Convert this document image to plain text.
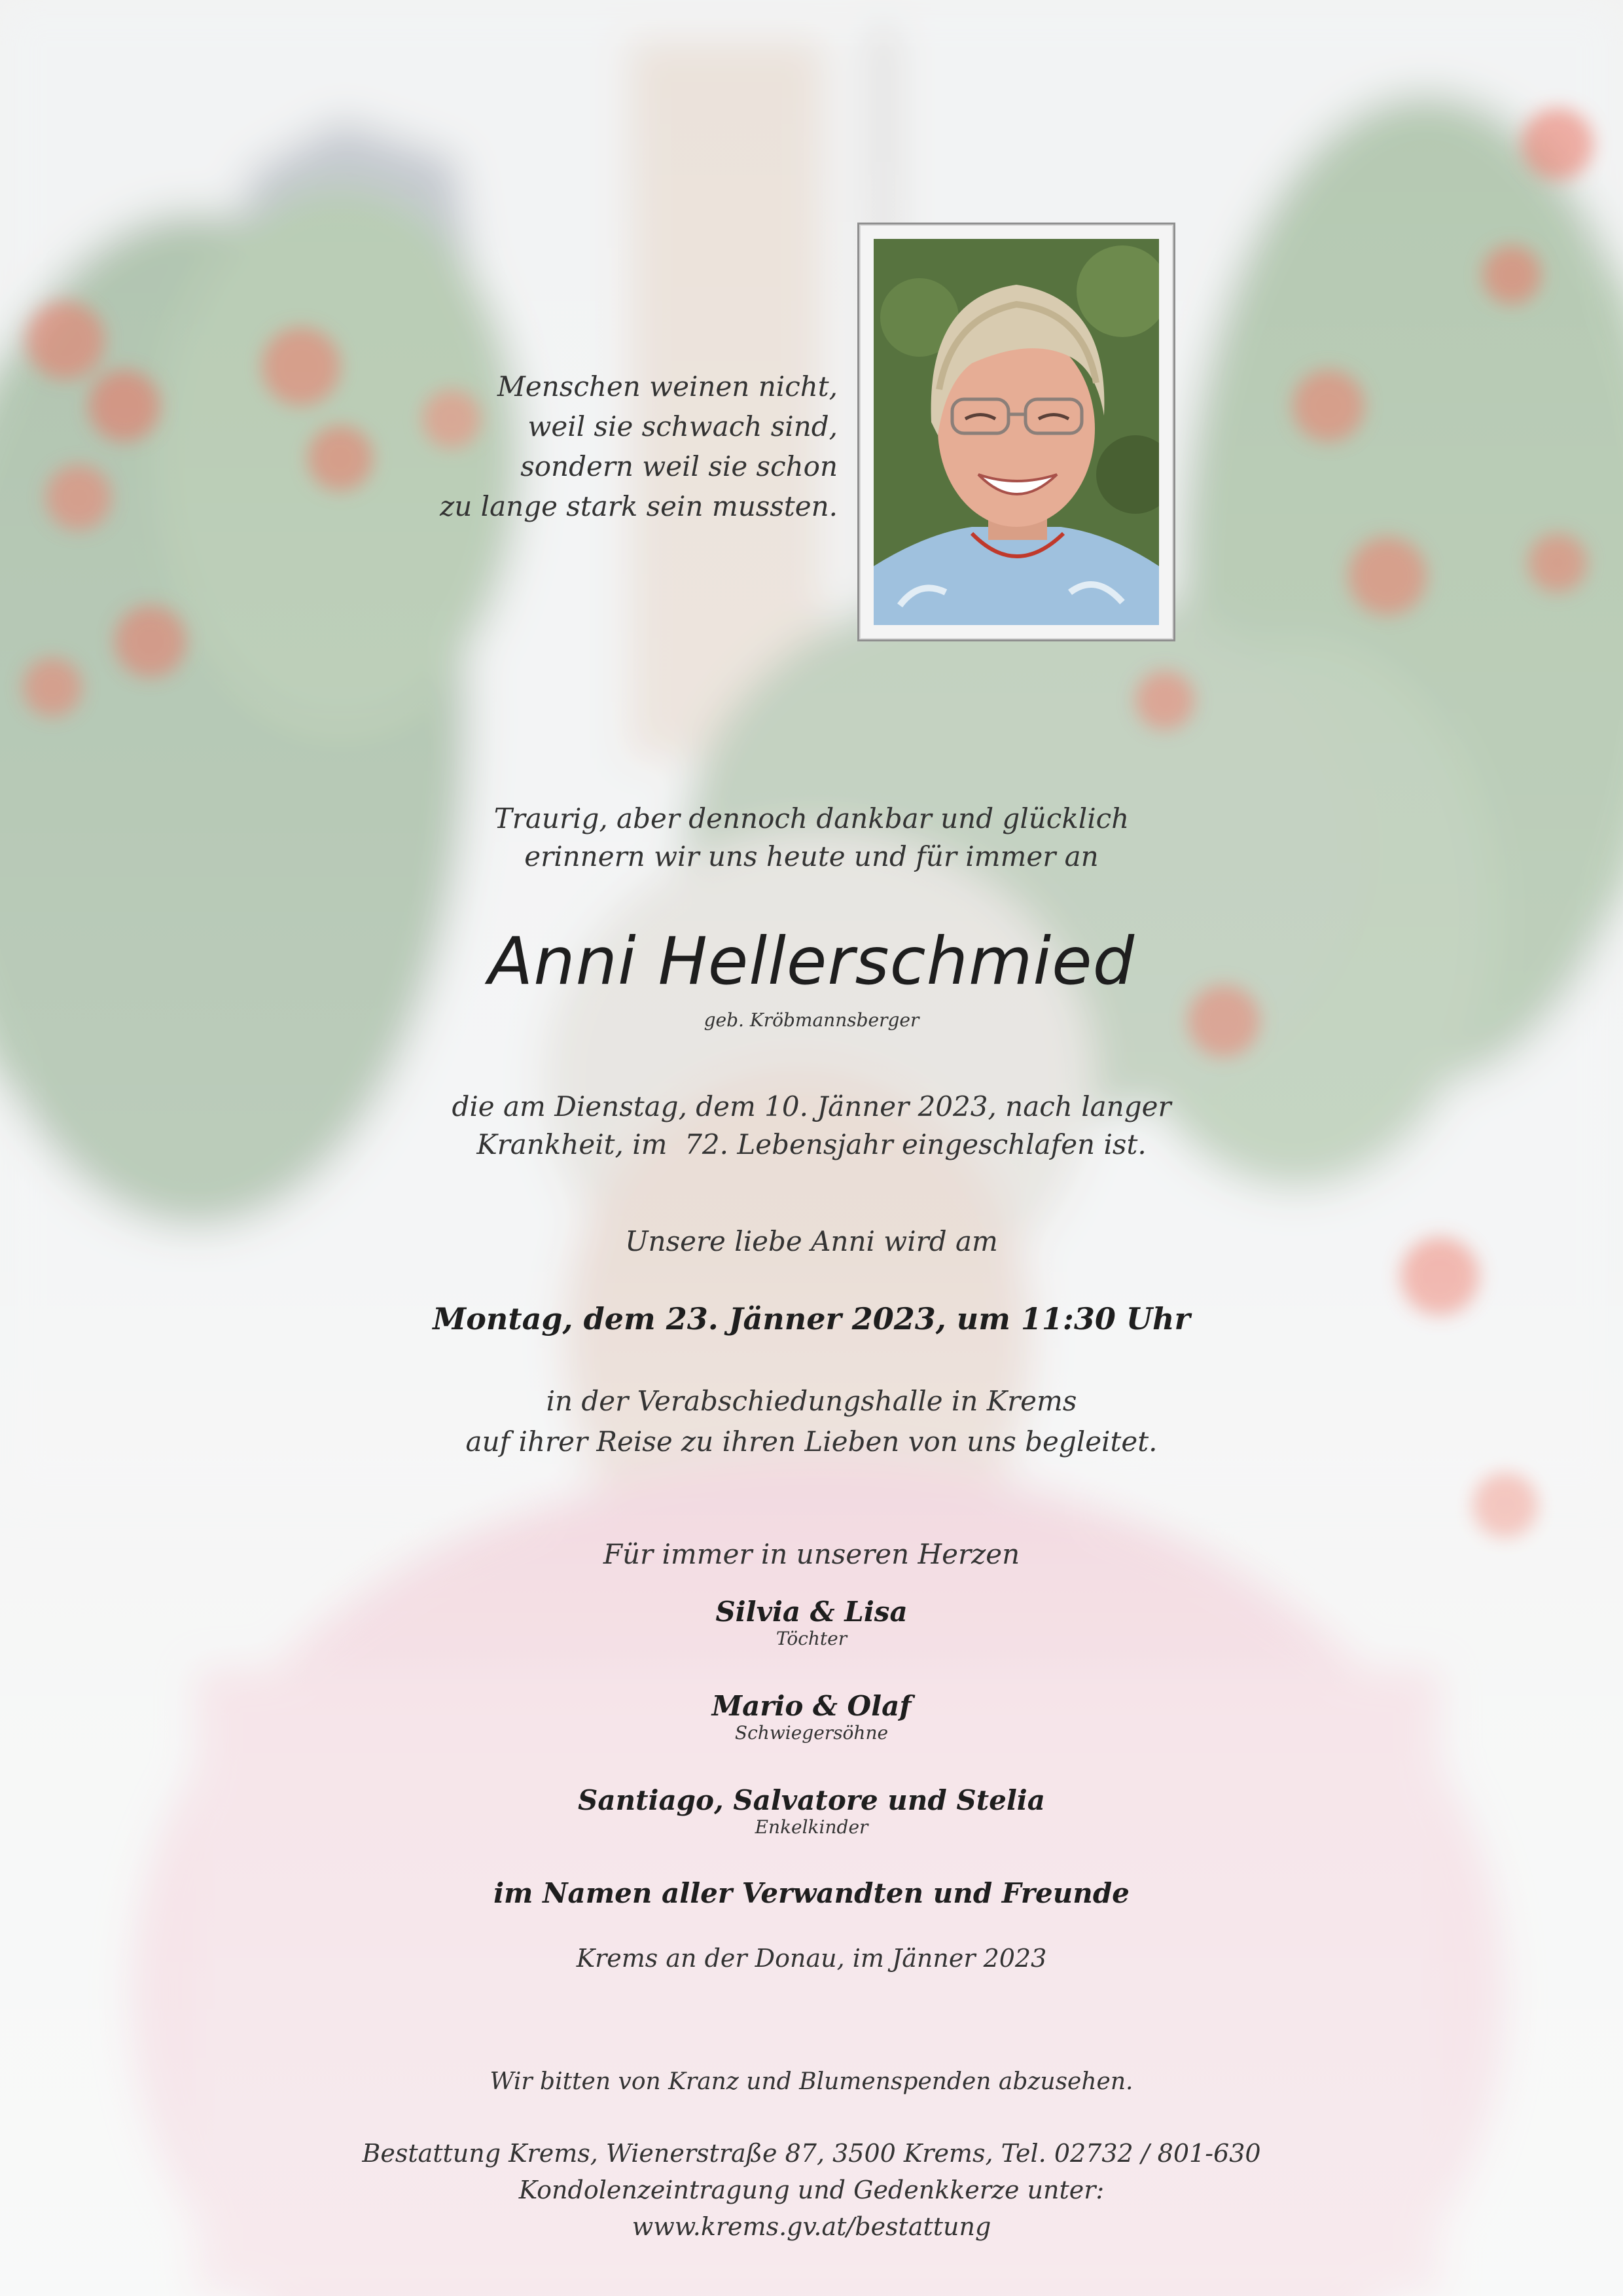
Menschen weinen nicht,
weil sie schwach sind,
sondern weil sie schon
zu lange stark sein mussten.
Traurig, aber dennoch dankbar und glücklich
erinnern wir uns heute und für immer an
Anni Hellerschmied
geb. Kröbmannsberger
die am Dienstag, dem 10. Jänner 2023, nach langer
Krankheit, im  72. Lebensjahr eingeschlafen ist.
Unsere liebe Anni wird am
Montag, dem 23. Jänner 2023, um 11:30 Uhr
in der Verabschiedungshalle in Krems
auf ihrer Reise zu ihren Lieben von uns begleitet.
Für immer in unseren Herzen
Silvia & Lisa
Töchter
Mario & Olaf
Schwiegersöhne
Santiago, Salvatore und Stelia
Enkelkinder
im Namen aller Verwandten und Freunde
Krems an der Donau, im Jänner 2023
Wir bitten von Kranz und Blumenspenden abzusehen.
Bestattung Krems, Wienerstraße 87, 3500 Krems, Tel. 02732 / 801-630
Kondolenzeintragung und Gedenkkerze unter:
www.krems.gv.at/bestattung
